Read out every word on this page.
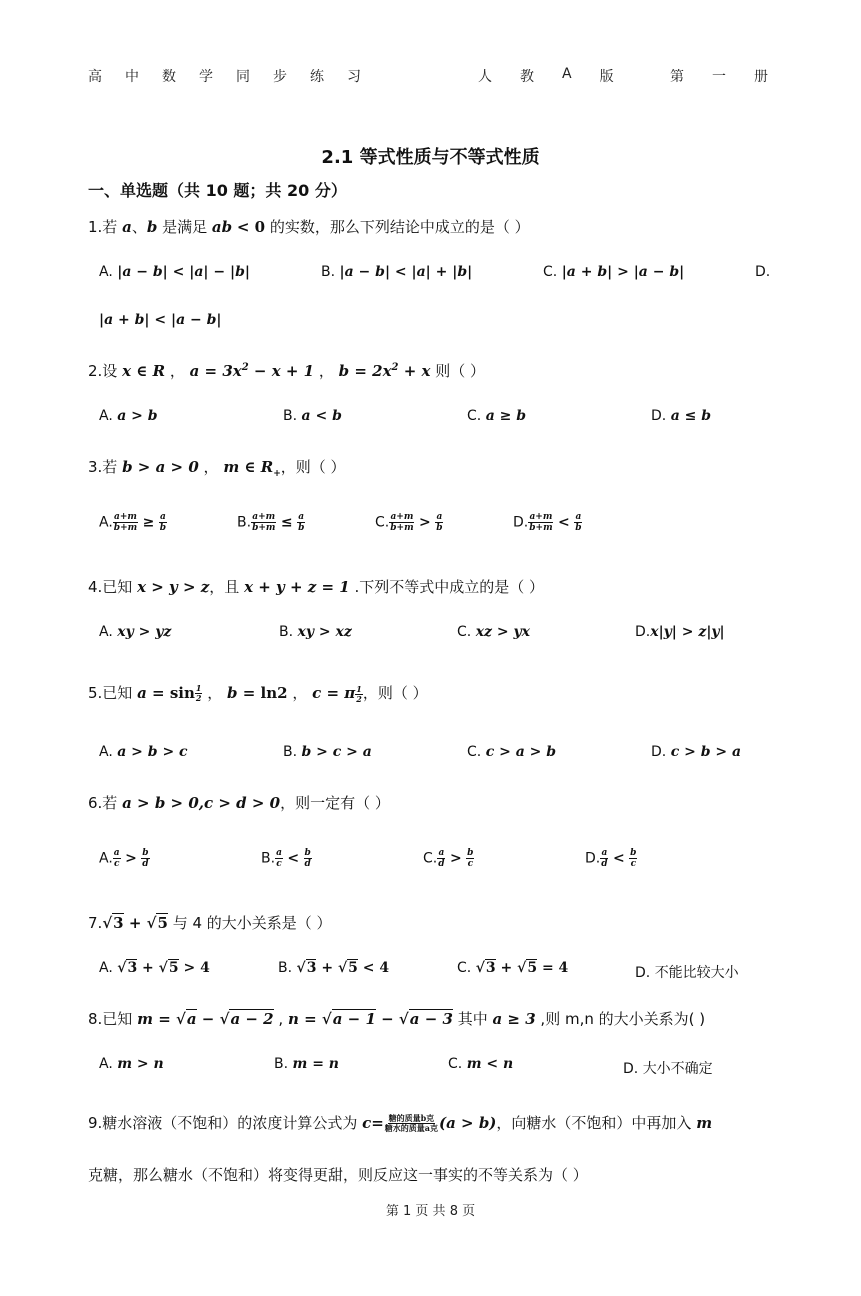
高 中 数 学 同 步 练 习	人 教 A 版	第 一 册
2.1 等式性质与不等式性质
一、单选题（共 10 题；共 20 分）
1.若 a、b 是满足 ab < 0 的实数，那么下列结论中成立的是（ ）
A. |a − b| < |a| − |b|	B. |a − b| < |a| + |b|	C. |a + b| > |a − b|	D.
|a + b| < |a − b|
2.设 x ∈ R ， $a = 3x^2 - x + 1$ ， $b = 2x^2 + x$ 则（ ）
A. a > b	B. a < b	C. a ≥ b	D. a ≤ b
3.若 b > a > 0 ， m ∈ $R_+$，则（ ）
A. $\frac{a+m}{b+m} \ge \frac{a}{b}$	B. $\frac{a+m}{b+m} \le \frac{a}{b}$	C. $\frac{a+m}{b+m} > \frac{a}{b}$	D. $\frac{a+m}{b+m} < \frac{a}{b}$
4.已知 x > y > z，且 x + y + z = 1 .下列不等式中成立的是（ ）
A. xy > yz	B. xy > xz	C. xz > yx	D.x|y| > z|y|
5.已知 $a = \sin \frac{1}{2}$ ， b = ln2 ， c = π $\frac{1}{2}$ ，则（ ）
A. a > b > c	B. b > c > a	C. c > a > b	D. c > b > a
6.若 a > b > 0,c > d > 0，则一定有（ ）
A. $\frac{a}{c} > \frac{b}{d}$	B. $\frac{a}{c} < \frac{b}{d}$	C. $\frac{a}{d} > \frac{b}{c}$	D. $\frac{a}{d} < \frac{b}{c}$
7.√3 + √5 与 4 的大小关系是（ ）
A. √3 + √5 > 4	B. √3 + √5 < 4	C. √3 + √5 = 4	D. 不能比较大小
8.已知 m = √a − √a − 2 , n = √a − 1 − √a − 3 其中 a ≥ 3 ,则 m,n 的大小关系为( )
A. m > n	B. m = n	C. m < n	D. 大小不确定
9.糖水溶液（不饱和）的浓度计算公式为 $c= \frac{\text{糖的质量b克}}{\text{糖水的质量a克}} (a > b)$，向糖水（不饱和）中再加入 m
克糖，那么糖水（不饱和）将变得更甜，则反应这一事实的不等关系为（ ）
第 1 页 共 8 页
